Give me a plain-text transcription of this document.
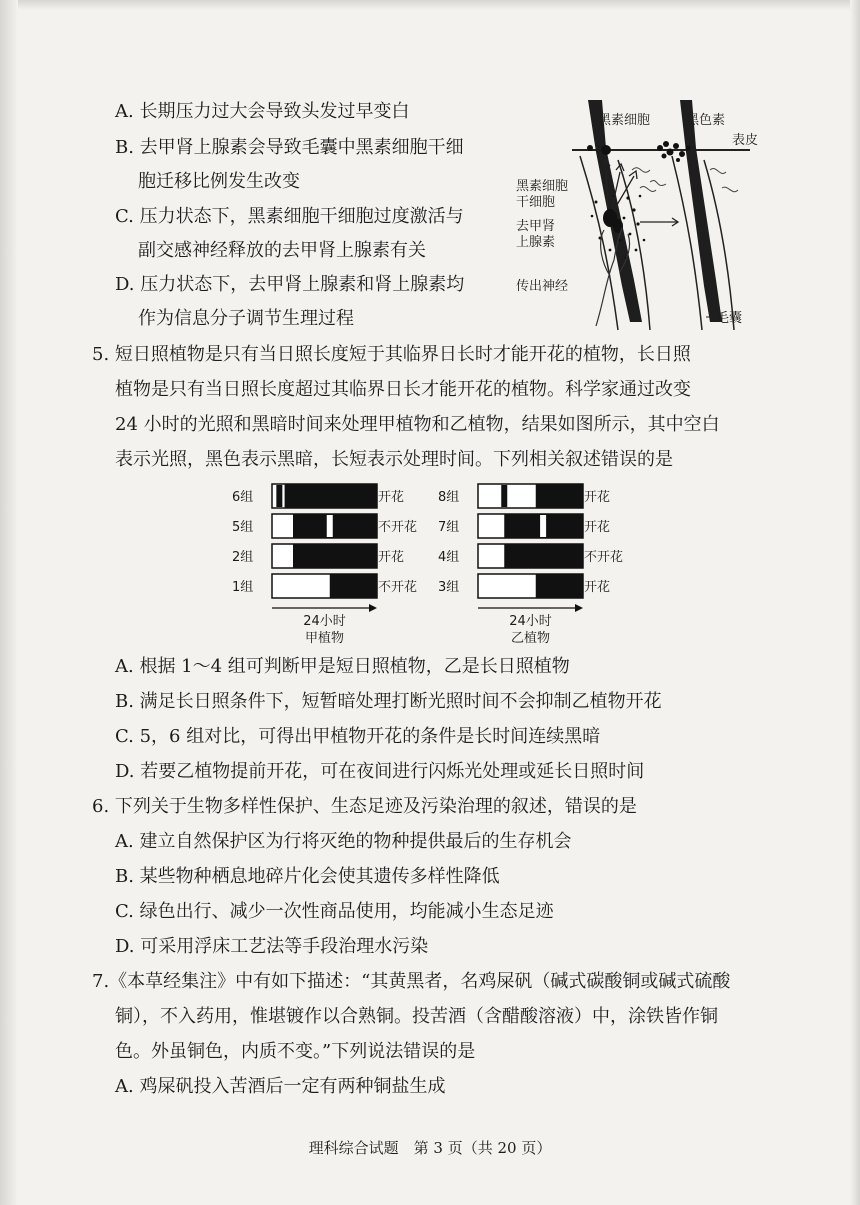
A. 长期压力过大会导致头发过早变白
B. 去甲肾上腺素会导致毛囊中黑素细胞干细
胞迁移比例发生改变
C. 压力状态下，黑素细胞干细胞过度激活与
副交感神经释放的去甲肾上腺素有关
D. 压力状态下，去甲肾上腺素和肾上腺素均
作为信息分子调节生理过程
黑素细胞	黑色素
表皮
黑素细胞
干细胞
去甲肾
上腺素
传出神经
毛囊
5. 短日照植物是只有当日照长度短于其临界日长时才能开花的植物，长日照
植物是只有当日照长度超过其临界日长才能开花的植物。科学家通过改变
24 小时的光照和黑暗时间来处理甲植物和乙植物，结果如图所示，其中空白
表示光照，黑色表示黑暗，长短表示处理时间。下列相关叙述错误的是
6组	开花
5组	不开花
2组	开花
1组	不开花
24小时
甲植物
8组	开花
7组	开花
4组	不开花
3组	开花
24小时
乙植物
A. 根据 1～4 组可判断甲是短日照植物，乙是长日照植物
B. 满足长日照条件下，短暂暗处理打断光照时间不会抑制乙植物开花
C. 5，6 组对比，可得出甲植物开花的条件是长时间连续黑暗
D. 若要乙植物提前开花，可在夜间进行闪烁光处理或延长日照时间
6. 下列关于生物多样性保护、生态足迹及污染治理的叙述，错误的是
A. 建立自然保护区为行将灭绝的物种提供最后的生存机会
B. 某些物种栖息地碎片化会使其遗传多样性降低
C. 绿色出行、减少一次性商品使用，均能减小生态足迹
D. 可采用浮床工艺法等手段治理水污染
7.《本草经集注》中有如下描述：“其黄黑者，名鸡屎矾（碱式碳酸铜或碱式硫酸
铜），不入药用，惟堪镀作以合熟铜。投苦酒（含醋酸溶液）中，涂铁皆作铜
色。外虽铜色，内质不变。”下列说法错误的是
A. 鸡屎矾投入苦酒后一定有两种铜盐生成
理科综合试题　第 3 页（共 20 页）
